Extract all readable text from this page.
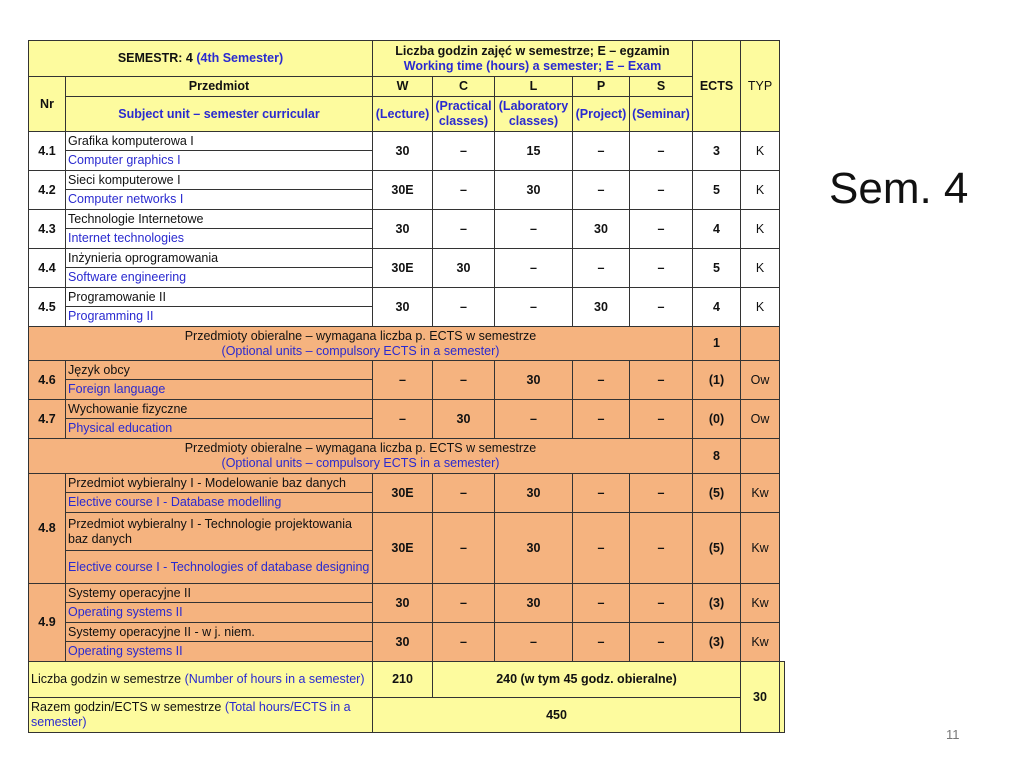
Sem. 4
11
SEMESTR: 4 (4th Semester)		Liczba godzin zajęć w semestrze; E – egzamin
Working time (hours) a semester; E – Exam					ECTS	TYP	
Nr	Przedmiot	W	C	L	P	S			
	Subject unit – semester curricular	(Lecture)	(Practical classes)	(Laboratory classes)	(Project)	(Seminar)			
4.1	Grafika komputerowa I
Computer graphics I	30	–	15	–	–	3	K	
4.2	Sieci komputerowe I
Computer networks I	30E	–	30	–	–	5	K	
4.3	Technologie Internetowe
Internet technologies	30	–	–	30	–	4	K	
4.4	Inżynieria oprogramowania
Software engineering	30E	30	–	–	–	5	K	
4.5	Programowanie II
Programming II	30	–	–	30	–	4	K	

Przedmioty obieralne – wymagana liczba p. ECTS w semestrze
(Optional units – compulsory ECTS in a semester)							1		
4.6	Język obcy
Foreign language	–	–	30	–	–	(1)	Ow	
4.7	Wychowanie fizyczne
Physical education	–	30	–	–	–	(0)	Ow	

Przedmioty obieralne – wymagana liczba p. ECTS w semestrze
(Optional units – compulsory ECTS in a semester)							8		
4.8	Przedmiot wybieralny I - Modelowanie baz danych
Elective course I - Database modelling	30E	–	30	–	–	(5)	Kw	

Przedmiot wybieralny I - Technologie projektowania baz danych
Elective course I - Technologies of database designing	30E	–	30	–	–	(5)	Kw	
4.9	Systemy operacyjne II
Operating systems II	30	–	30	–	–	(3)	Kw	

Systemy operacyjne II - w j. niem.
Operating systems II	30	–	–	–	–	(3)	Kw	
Liczba godzin w semestrze (Number of hours in a semester)		210	240 (w tym 45 godz. obieralne)					30	
Razem godzin/ECTS w semestrze (Total hours/ECTS in a semester)		450							
